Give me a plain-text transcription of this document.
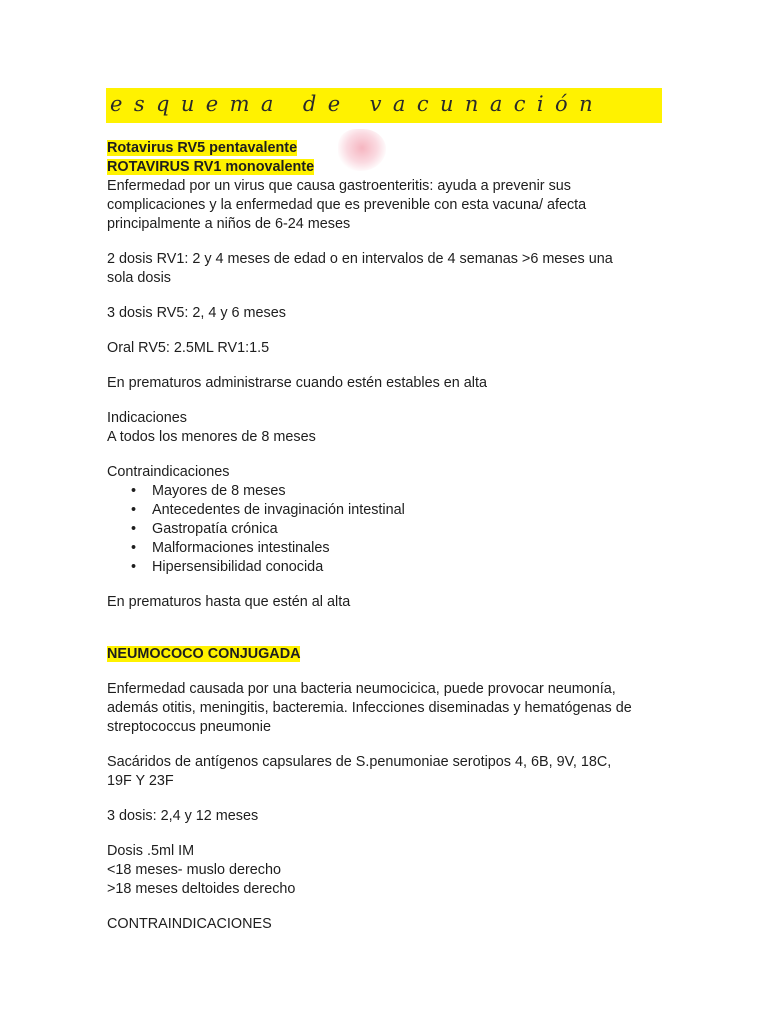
esquema de vacunación

Rotavirus RV5 pentavalente

ROTAVIRUS RV1 monovalente

Enfermedad por un virus que causa gastroenteritis: ayuda a prevenir sus

complicaciones y la enfermedad que es prevenible con esta vacuna/ afecta

principalmente a niños de 6-24 meses

2 dosis RV1: 2 y 4 meses de edad o en intervalos de 4 semanas >6 meses una

sola dosis

3 dosis RV5: 2, 4 y 6 meses

Oral RV5: 2.5ML RV1:1.5

En prematuros administrarse cuando estén estables en alta

Indicaciones

A todos los menores de 8 meses

Contraindicaciones

• Mayores de 8 meses
• Antecedentes de invaginación intestinal
• Gastropatía crónica
• Malformaciones intestinales
• Hipersensibilidad conocida

En prematuros hasta que estén al alta

NEUMOCOCO CONJUGADA

Enfermedad causada por una bacteria neumocicica, puede provocar neumonía,

además otitis, meningitis, bacteremia. Infecciones diseminadas y hematógenas de

streptococcus pneumonie

Sacáridos de antígenos capsulares de S.penumoniae serotipos 4, 6B, 9V, 18C,

19F Y 23F

3 dosis: 2,4 y 12 meses

Dosis .5ml IM

<18 meses- muslo derecho

>18 meses deltoides derecho

CONTRAINDICACIONES
